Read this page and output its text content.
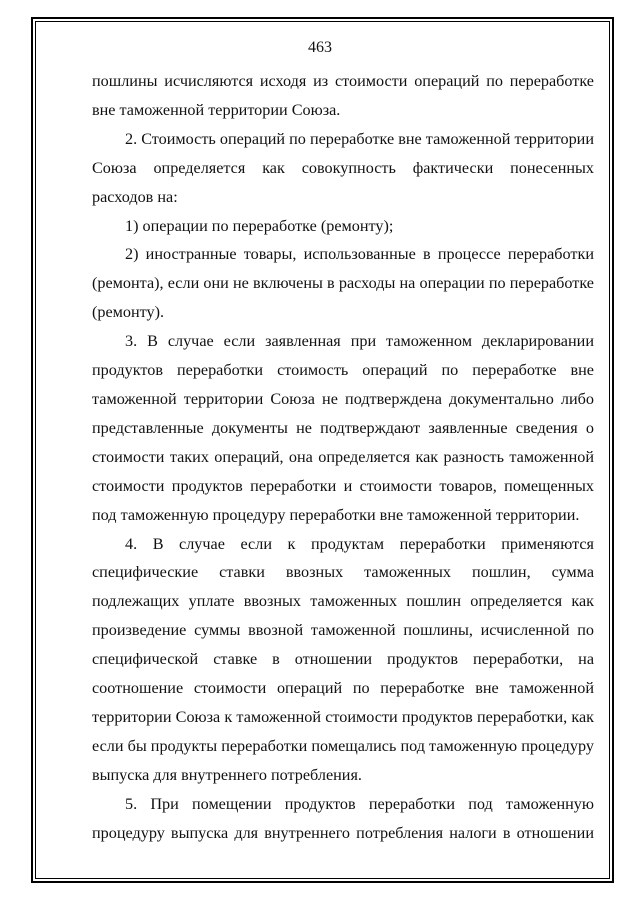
463

пошлины исчисляются исходя из стоимости операций по переработке вне таможенной территории Союза.

2. Стоимость операций по переработке вне таможенной территории Союза определяется как совокупность фактически понесенных расходов на:

1) операции по переработке (ремонту);

2) иностранные товары, использованные в процессе переработки (ремонта), если они не включены в расходы на операции по переработке (ремонту).

3. В случае если заявленная при таможенном декларировании продуктов переработки стоимость операций по переработке вне таможенной территории Союза не подтверждена документально либо представленные документы не подтверждают заявленные сведения о стоимости таких операций, она определяется как разность таможенной стоимости продуктов переработки и стоимости товаров, помещенных под таможенную процедуру переработки вне таможенной территории.

4. В случае если к продуктам переработки применяются специфические ставки ввозных таможенных пошлин, сумма подлежащих уплате ввозных таможенных пошлин определяется как произведение суммы ввозной таможенной пошлины, исчисленной по специфической ставке в отношении продуктов переработки, на соотношение стоимости операций по переработке вне таможенной территории Союза к таможенной стоимости продуктов переработки, как если бы продукты переработки помещались под таможенную процедуру выпуска для внутреннего потребления.

5. При помещении продуктов переработки под таможенную процедуру выпуска для внутреннего потребления налоги в отношении
